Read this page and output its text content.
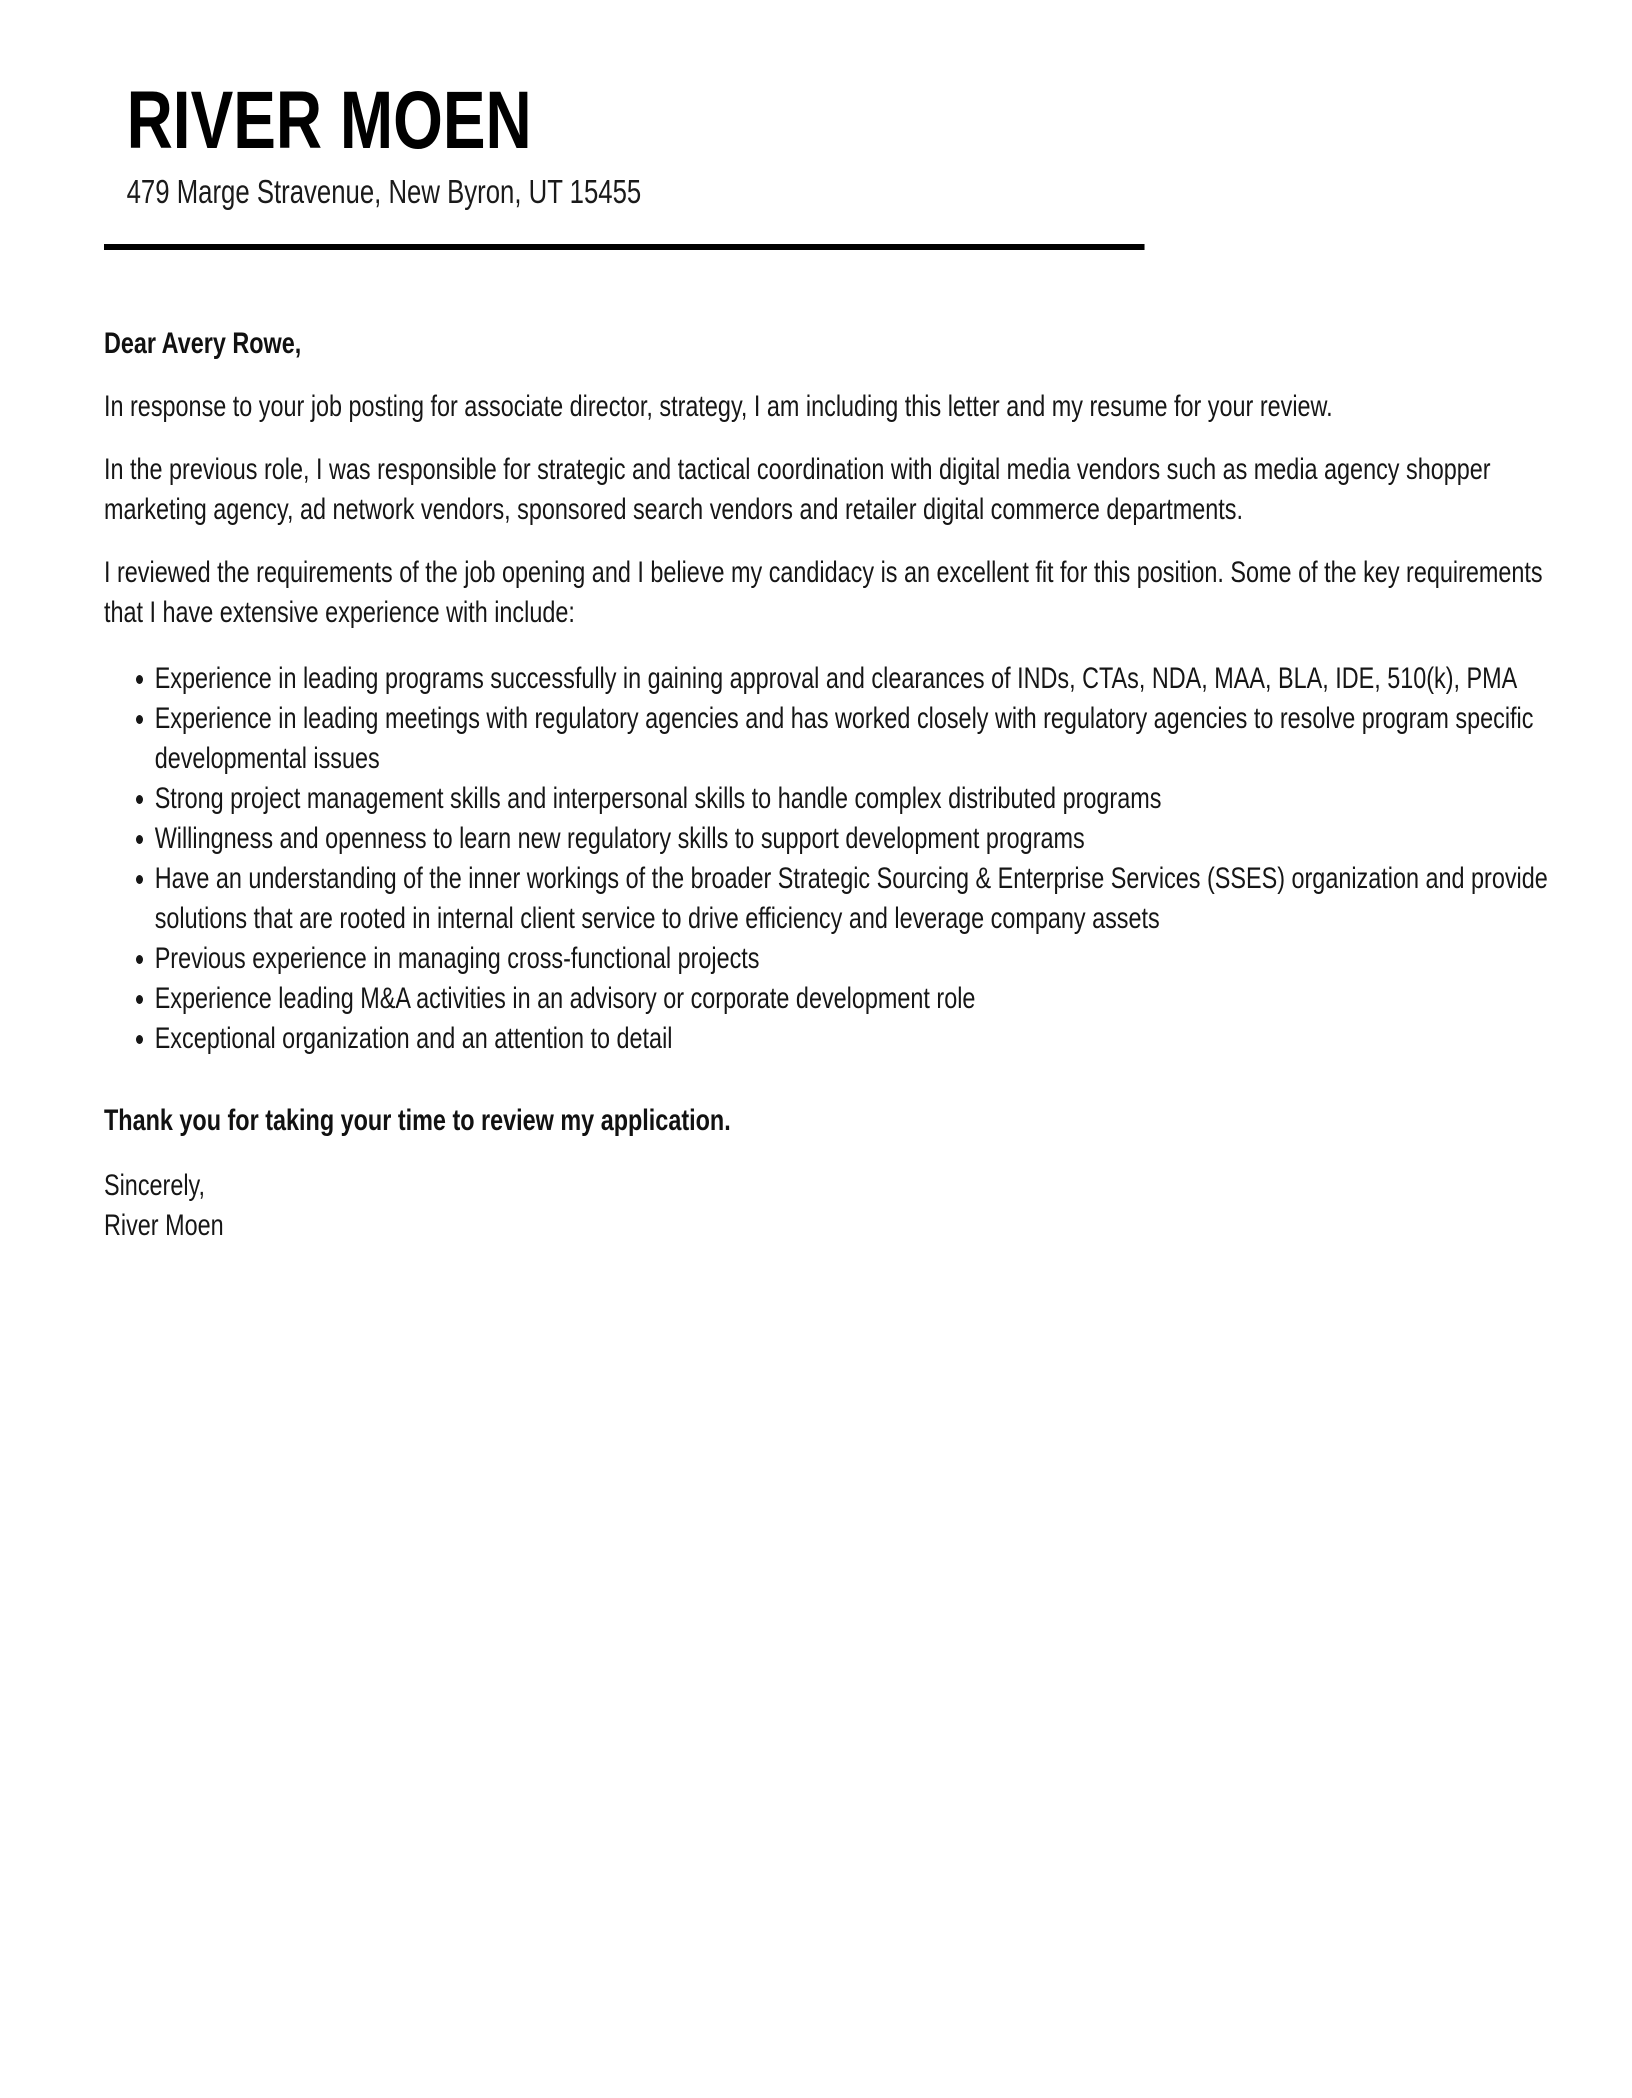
RIVER MOEN
479 Marge Stravenue, New Byron, UT 15455

Dear Avery Rowe,

In response to your job posting for associate director, strategy, I am including this letter and my resume for your review.

In the previous role, I was responsible for strategic and tactical coordination with digital media vendors such as media agency shopper marketing agency, ad network vendors, sponsored search vendors and retailer digital commerce departments.

I reviewed the requirements of the job opening and I believe my candidacy is an excellent fit for this position. Some of the key requirements that I have extensive experience with include:

• Experience in leading programs successfully in gaining approval and clearances of INDs, CTAs, NDA, MAA, BLA, IDE, 510(k), PMA
• Experience in leading meetings with regulatory agencies and has worked closely with regulatory agencies to resolve program specific developmental issues
• Strong project management skills and interpersonal skills to handle complex distributed programs
• Willingness and openness to learn new regulatory skills to support development programs
• Have an understanding of the inner workings of the broader Strategic Sourcing & Enterprise Services (SSES) organization and provide solutions that are rooted in internal client service to drive efficiency and leverage company assets
• Previous experience in managing cross-functional projects
• Experience leading M&A activities in an advisory or corporate development role
• Exceptional organization and an attention to detail

Thank you for taking your time to review my application.

Sincerely,

River Moen
